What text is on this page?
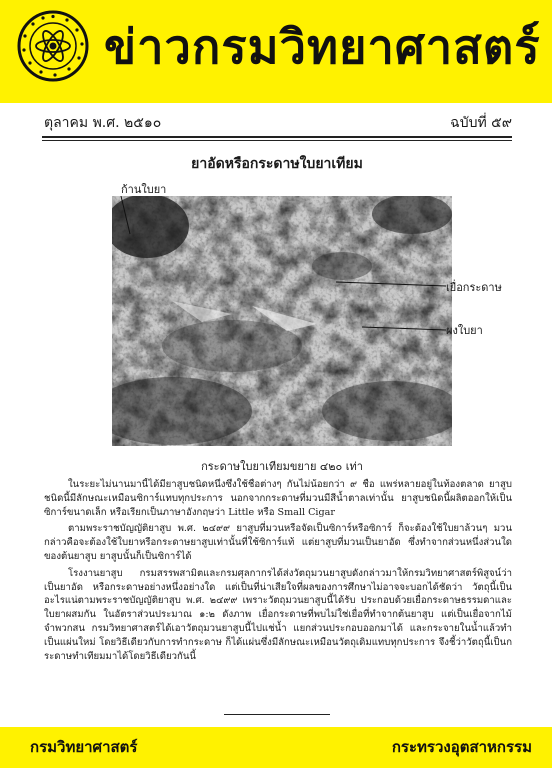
ข่าวกรมวิทยาศาสตร์
ตุลาคม พ.ศ. ๒๕๑๐	ฉบับที่ ๕๙
ยาอัดหรือกระดาษใบยาเทียม
ก้านใบยา
เยื่อกระดาษ
ผงใบยา
กระดาษใบยาเทียมขยาย ๔๒๐ เท่า

ในระยะไม่นานมานี้ได้มียาสูบชนิดหนึ่งซึ่งใช้ชื่อต่างๆ กันไม่น้อยกว่า ๙ ชื่อ แพร่หลายอยู่ในท้องตลาด ยาสูบชนิดนี้มีลักษณะเหมือนซิการ์แทบทุกประการ นอกจากกระดาษที่มวนมีสีน้ำตาลเท่านั้น ยาสูบชนิดนี้ผลิตออกให้เป็นซิการ์ขนาดเล็ก หรือเรียกเป็นภาษาอังกฤษว่า Little หรือ Small Cigar

ตามพระราชบัญญัติยาสูบ พ.ศ. ๒๔๙๙ ยาสูบที่มวนหรือจัดเป็นซิการ์หรือซิการ์ ก็จะต้องใช้ใบยาล้วนๆ มวน กล่าวคือจะต้องใช้ใบยาหรือกระดาษยาสูบเท่านั้นที่ใช้ซิการ์แท้ แต่ยาสูบที่มวนเป็นยาอัด ซึ่งทำจากส่วนหนึ่งส่วนใดของต้นยาสูบ ยาสูบนั้นก็เป็นซิการ์ได้

โรงงานยาสูบ กรมสรรพสามิตและกรมศุลกากรได้ส่งวัตถุมวนยาสูบดังกล่าวมาให้กรมวิทยาศาสตร์พิสูจน์ว่า เป็นยาอัด หรือกระดาษอย่างหนึ่งอย่างใด แต่เป็นที่น่าเสียใจที่ผลของการศึกษาไม่อาจจะบอกได้ชัดว่า วัตถุนี้เป็นอะไรแน่ตามพระราชบัญญัติยาสูบ พ.ศ. ๒๔๙๙ เพราะวัตถุมวนยาสูบนี้ได้รับ ประกอบด้วยเยื่อกระดาษธรรมดาและใบยาผสมกัน ในอัตราส่วนประมาณ ๑:๒ ดังภาพ เยื่อกระดาษที่พบไม่ใช่เยื่อที่ทำจากต้นยาสูบ แต่เป็นเยื่อจากไม้จำพวกสน กรมวิทยาศาสตร์ได้เอาวัตถุมวนยาสูบนี้ไปแช่น้ำ แยกส่วนประกอบออกมาได้ และกระจายในน้ำแล้วทำเป็นแผ่นใหม่ โดยวิธีเดียวกับการทำกระดาษ ก็ได้แผ่นซึ่งมีลักษณะเหมือนวัตถุเดิมแทบทุกประการ จึงชี้ว่าวัตถุนี้เป็นกระดาษทำเทียมมาได้โดยวิธีเดียวกันนี้

กรมวิทยาศาสตร์	กระทรวงอุตสาหกรรม
